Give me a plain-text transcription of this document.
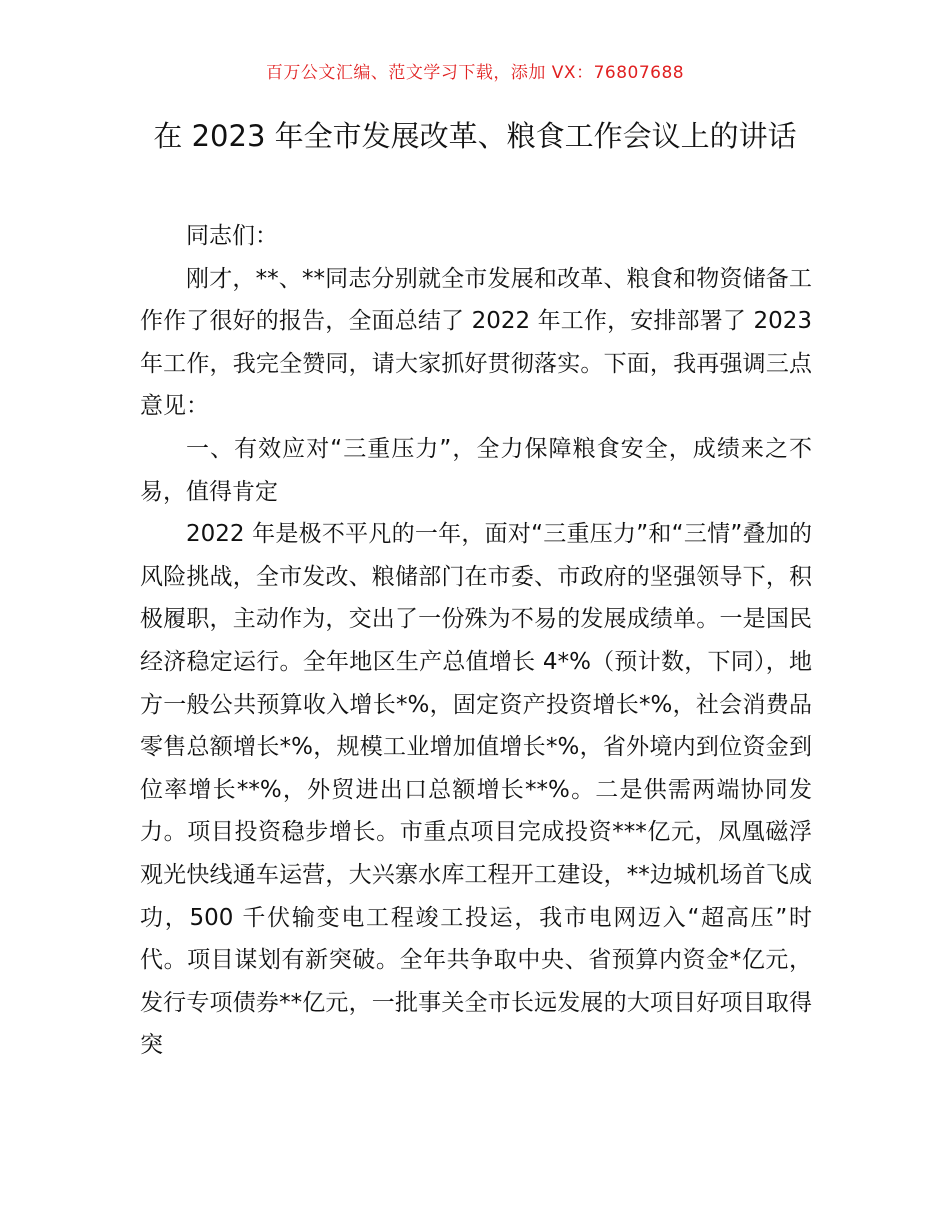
百万公文汇编、范文学习下载，添加 VX：76807688
在 2023 年全市发展改革、粮食工作会议上的讲话

同志们：

刚才，**、**同志分别就全市发展和改革、粮食和物资储备工作作了很好的报告，全面总结了 2022 年工作，安排部署了 2023 年工作，我完全赞同，请大家抓好贯彻落实。下面，我再强调三点意见：

一、有效应对“三重压力”，全力保障粮食安全，成绩来之不易，值得肯定

2022 年是极不平凡的一年，面对“三重压力”和“三情”叠加的风险挑战，全市发改、粮储部门在市委、市政府的坚强领导下，积极履职，主动作为，交出了一份殊为不易的发展成绩单。一是国民经济稳定运行。全年地区生产总值增长 4*%（预计数，下同），地方一般公共预算收入增长*%，固定资产投资增长*%，社会消费品零售总额增长*%，规模工业增加值增长*%，省外境内到位资金到位率增长**%，外贸进出口总额增长**%。二是供需两端协同发力。项目投资稳步增长。市重点项目完成投资***亿元，凤凰磁浮观光快线通车运营，大兴寨水库工程开工建设，**边城机场首飞成功，500 千伏输变电工程竣工投运，我市电网迈入“超高压”时代。项目谋划有新突破。全年共争取中央、省预算内资金*亿元，发行专项债券**亿元，一批事关全市长远发展的大项目好项目取得突
